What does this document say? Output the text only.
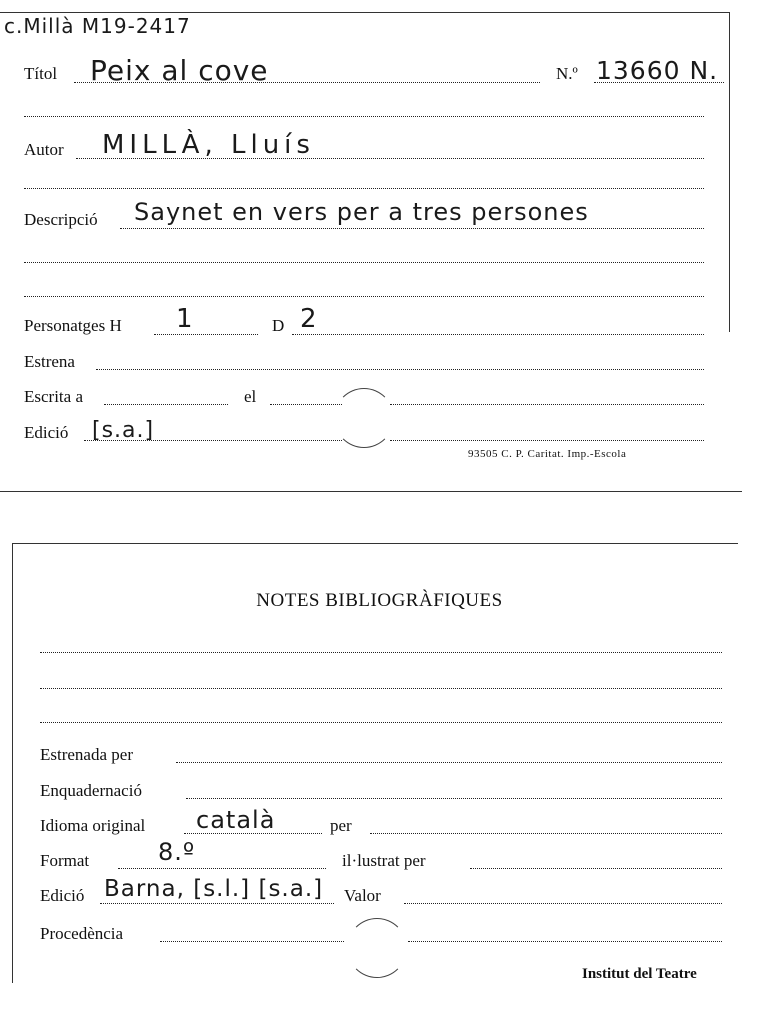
c.Millà M19-2417
Títol Peix al cove	N.º 13660 N.
Autor MILLÀ, Lluís
Descripció Saynet en vers per a tres persones
Personatges H 1	D 2
Estrena
Escrita a	el
Edició [s.a.]
93505 C. P. Caritat. Imp.-Escola
NOTES BIBLIOGRÀFIQUES
Estrenada per
Enquadernació
Idioma original català	per
Format	8.º	il·lustrat per
Edició Barna, [s.l.] [s.a.] Valor
Procedència
Institut del Teatre
